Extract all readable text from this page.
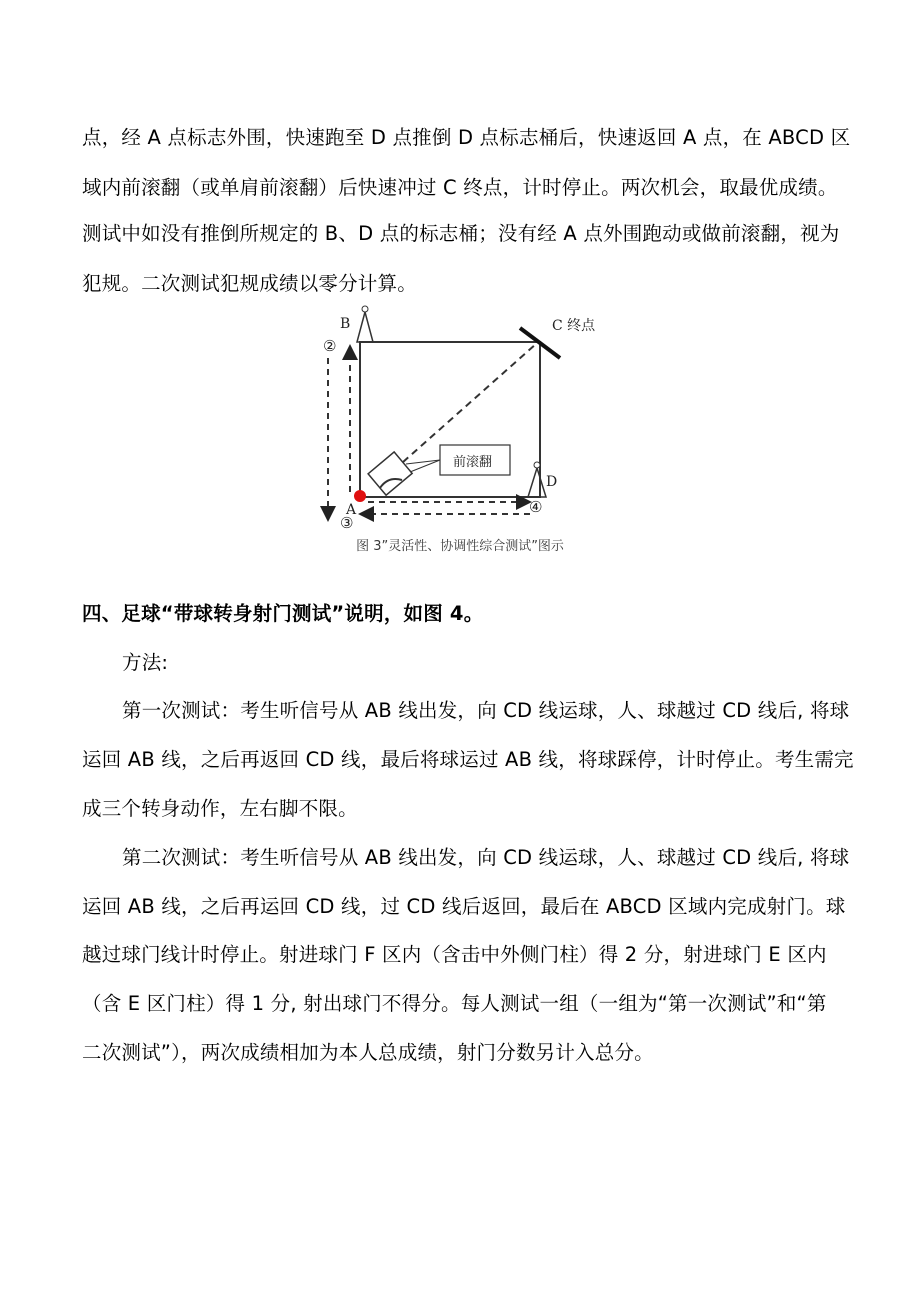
点，经 A 点标志外围，快速跑至 D 点推倒 D 点标志桶后，快速返回 A 点，在 ABCD 区
域内前滚翻（或单肩前滚翻）后快速冲过 C 终点，计时停止。两次机会，取最优成绩。
测试中如没有推倒所规定的 B、D 点的标志桶；没有经 A 点外围跑动或做前滚翻，视为
犯规。二次测试犯规成绩以零分计算。
B	C 终点
D
A
前滚翻
②
③
④
图 3”灵活性、协调性综合测试”图示
四、足球“带球转身射门测试”说明，如图 4。
方法:
第一次测试：考生听信号从 AB 线出发，向 CD 线运球，人、球越过 CD 线后, 将球
运回 AB 线，之后再返回 CD 线，最后将球运过 AB 线，将球踩停，计时停止。考生需完
成三个转身动作，左右脚不限。
第二次测试：考生听信号从 AB 线出发，向 CD 线运球，人、球越过 CD 线后, 将球
运回 AB 线，之后再运回 CD 线，过 CD 线后返回，最后在 ABCD 区域内完成射门。球
越过球门线计时停止。射进球门 F 区内（含击中外侧门柱）得 2 分，射进球门 E 区内
（含 E 区门柱）得 1 分, 射出球门不得分。每人测试一组（一组为“第一次测试”和“第
二次测试”），两次成绩相加为本人总成绩，射门分数另计入总分。
